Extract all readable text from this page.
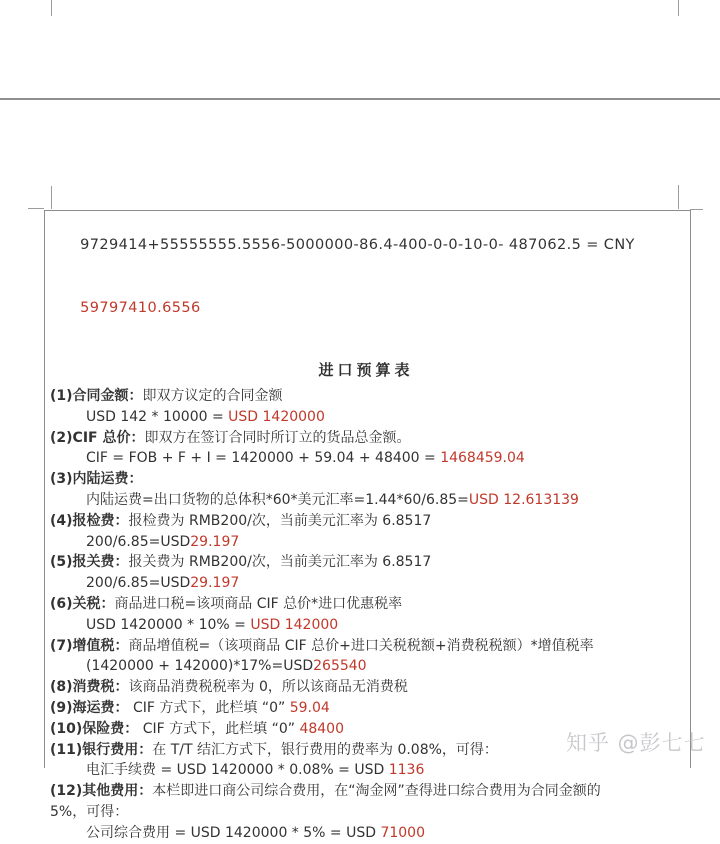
9729414+55555555.5556-5000000-86.4-400-0-0-10-0- 487062.5 = CNY

59797410.6556

进口预算表
(1)合同金额：即双方议定的合同金额
USD 142 * 10000 = USD 1420000
(2)CIF 总价：即双方在签订合同时所订立的货品总金额。
CIF = FOB + F + I = 1420000 + 59.04 + 48400 = 1468459.04
(3)内陆运费：
内陆运费=出口货物的总体积*60*美元汇率=1.44*60/6.85=USD 12.613139
(4)报检费：报检费为 RMB200/次，当前美元汇率为 6.8517
200/6.85=USD29.197
(5)报关费：报关费为 RMB200/次，当前美元汇率为 6.8517
200/6.85=USD29.197
(6)关税：商品进口税=该项商品 CIF 总价*进口优惠税率
USD 1420000 * 10% = USD 142000
(7)增值税：商品增值税=（该项商品 CIF 总价+进口关税税额+消费税税额）*增值税率
(1420000 + 142000)*17%=USD265540
(8)消费税：该商品消费税税率为 0，所以该商品无消费税
(9)海运费： CIF 方式下，此栏填 “0” 59.04
(10)保险费： CIF 方式下，此栏填 “0” 48400
(11)银行费用：在 T/T 结汇方式下，银行费用的费率为 0.08%，可得：
电汇手续费 = USD 1420000 * 0.08% = USD 1136
(12)其他费用：本栏即进口商公司综合费用，在“淘金网”查得进口综合费用为合同金额的
5%，可得：
公司综合费用 = USD 1420000 * 5% = USD 71000
知乎 @彭七七
